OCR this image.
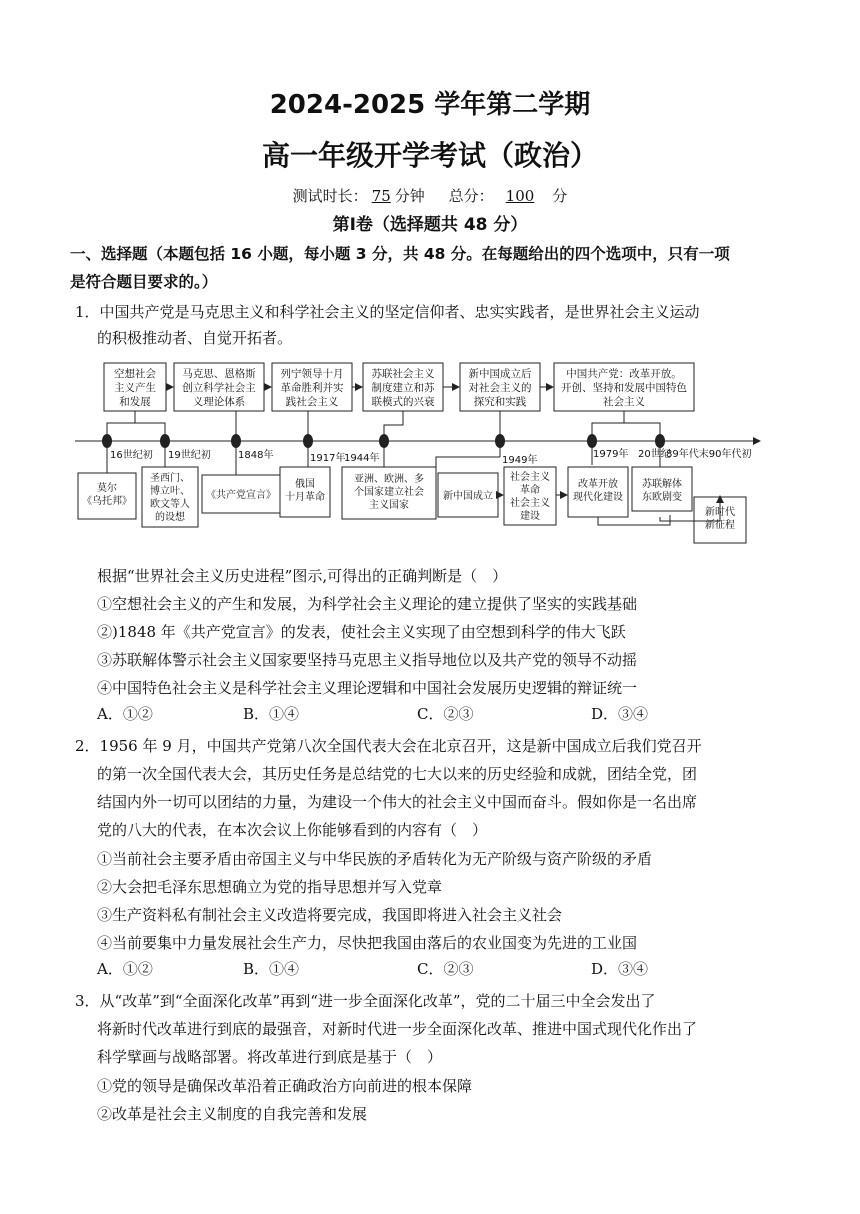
2024-2025 学年第二学期
高一年级开学考试（政治）
测试时长： 75 分钟 总分： 100 分
第Ⅰ卷（选择题共 48 分）
一、选择题（本题包括 16 小题，每小题 3 分，共 48 分。在每题给出的四个选项中，只有一项
是符合题目要求的。）
1．中国共产党是马克思主义和科学社会主义的坚定信仰者、忠实实践者，是世界社会主义运动
的积极推动者、自觉开拓者。
空想社会
主义产生
和发展
马克思、恩格斯
创立科学社会主
义理论体系
列宁领导十月
革命胜利并实
践社会主义
苏联社会主义
制度建立和苏
联模式的兴衰
新中国成立后
对社会主义的
探究和实践
中国共产党：改革开放。
开创、坚持和发展中国特色
社会主义
16世纪初 19世纪初	1848年	1917年
1944年	1949年
1979年 20世纪
89年代末90年代初
莫尔
《乌托邦》
圣西门、
博立叶、
欧文等人
的设想
《共产党宣言》
俄国
十月革命
亚洲、欧洲、多
个国家建立社会
主义国家
新中国成立
社会主义
革命
社会主义
建设
改革开放
现代化建设
苏联解体
东欧剧变
新时代
新征程
根据“世界社会主义历史进程”图示,可得出的正确判断是（　）
①空想社会主义的产生和发展，为科学社会主义理论的建立提供了坚实的实践基础
②)1848 年《共产党宣言》的发表，使社会主义实现了由空想到科学的伟大飞跃
③苏联解体警示社会主义国家要坚持马克思主义指导地位以及共产党的领导不动摇
④中国特色社会主义是科学社会主义理论逻辑和中国社会发展历史逻辑的辩证统一
A．①②	B．①④	C．②③	D．③④
2．1956 年 9 月，中国共产党第八次全国代表大会在北京召开，这是新中国成立后我们党召开
的第一次全国代表大会，其历史任务是总结党的七大以来的历史经验和成就，团结全党，团
结国内外一切可以团结的力量，为建设一个伟大的社会主义中国而奋斗。假如你是一名出席
党的八大的代表，在本次会议上你能够看到的内容有（　）
①当前社会主要矛盾由帝国主义与中华民族的矛盾转化为无产阶级与资产阶级的矛盾
②大会把毛泽东思想确立为党的指导思想并写入党章
③生产资料私有制社会主义改造将要完成，我国即将进入社会主义社会
④当前要集中力量发展社会生产力，尽快把我国由落后的农业国变为先进的工业国
A．①②	B．①④	C．②③	D．③④
3．从“改革”到“全面深化改革”再到“进一步全面深化改革”，党的二十届三中全会发出了
将新时代改革进行到底的最强音，对新时代进一步全面深化改革、推进中国式现代化作出了
科学擘画与战略部署。将改革进行到底是基于（　）
①党的领导是确保改革沿着正确政治方向前进的根本保障
②改革是社会主义制度的自我完善和发展
